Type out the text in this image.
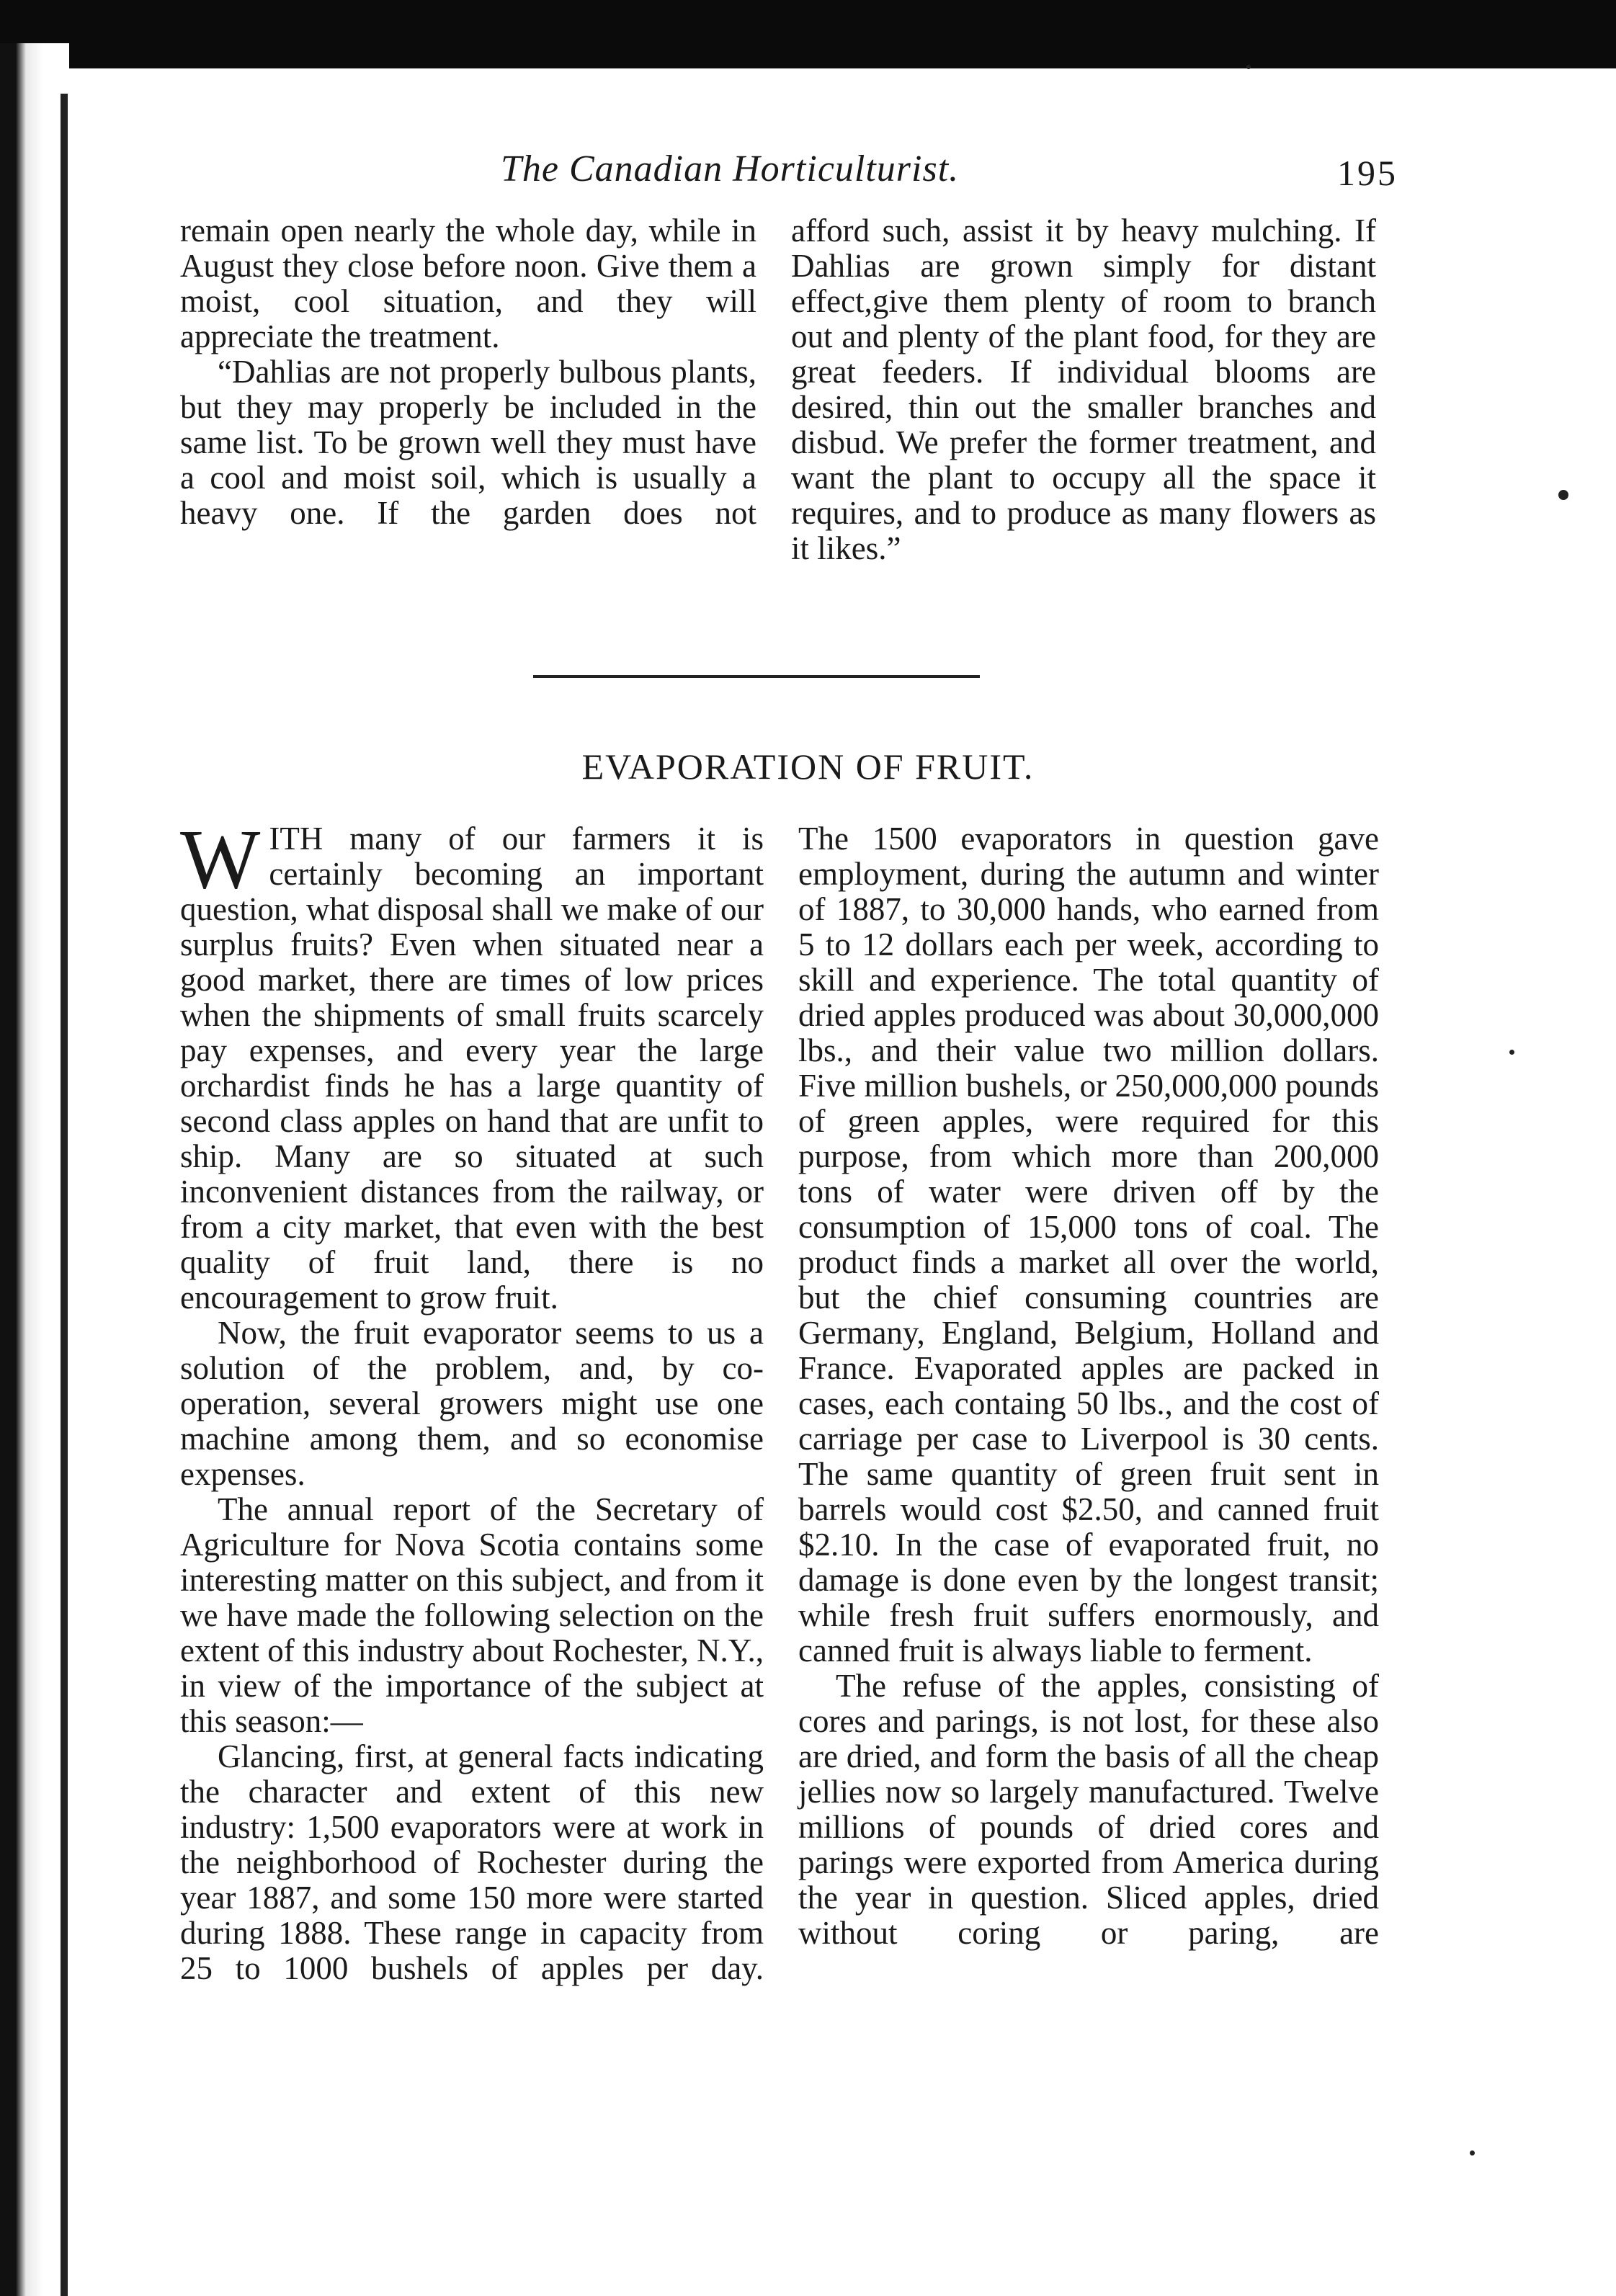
The Canadian Horticulturist.	195

remain open nearly the whole day, while in August they close before noon. Give them a moist, cool situation, and they will appreciate the treatment.

“Dahlias are not properly bulbous plants, but they may properly be included in the same list. To be grown well they must have a cool and moist soil, which is usually a heavy one. If the garden does not

afford such, assist it by heavy mulching. If Dahlias are grown simply for distant effect,give them plenty of room to branch out and plenty of the plant food, for they are great feeders. If individual blooms are desired, thin out the smaller branches and disbud. We prefer the former treatment, and want the plant to occupy all the space it requires, and to produce as many flowers as it likes.”

EVAPORATION OF FRUIT.

WITH many of our farmers it is certainly becoming an important question, what disposal shall we make of our surplus fruits? Even when situated near a good market, there are times of low prices when the shipments of small fruits scarcely pay expenses, and every year the large orchardist finds he has a large quantity of second class apples on hand that are unfit to ship. Many are so situated at such inconvenient distances from the railway, or from a city market, that even with the best quality of fruit land, there is no encouragement to grow fruit.

Now, the fruit evaporator seems to us a solution of the problem, and, by co-operation, several growers might use one machine among them, and so economise expenses.

The annual report of the Secretary of Agriculture for Nova Scotia contains some interesting matter on this subject, and from it we have made the following selection on the extent of this industry about Rochester, N.Y., in view of the importance of the subject at this season:—

Glancing, first, at general facts indicating the character and extent of this new industry: 1,500 evaporators were at work in the neighborhood of Rochester during the year 1887, and some 150 more were started during 1888. These range in capacity from 25 to 1000 bushels of apples per day.

The 1500 evaporators in question gave employment, during the autumn and winter of 1887, to 30,000 hands, who earned from 5 to 12 dollars each per week, according to skill and experience. The total quantity of dried apples produced was about 30,000,000 lbs., and their value two million dollars. Five million bushels, or 250,000,000 pounds of green apples, were required for this purpose, from which more than 200,000 tons of water were driven off by the consumption of 15,000 tons of coal. The product finds a market all over the world, but the chief consuming countries are Germany, England, Belgium, Holland and France. Evaporated apples are packed in cases, each containg 50 lbs., and the cost of carriage per case to Liverpool is 30 cents. The same quantity of green fruit sent in barrels would cost $2.50, and canned fruit $2.10. In the case of evaporated fruit, no damage is done even by the longest transit; while fresh fruit suffers enormously, and canned fruit is always liable to ferment.

The refuse of the apples, consisting of cores and parings, is not lost, for these also are dried, and form the basis of all the cheap jellies now so largely manufactured. Twelve millions of pounds of dried cores and parings were exported from America during the year in question. Sliced apples, dried without coring or paring, are
